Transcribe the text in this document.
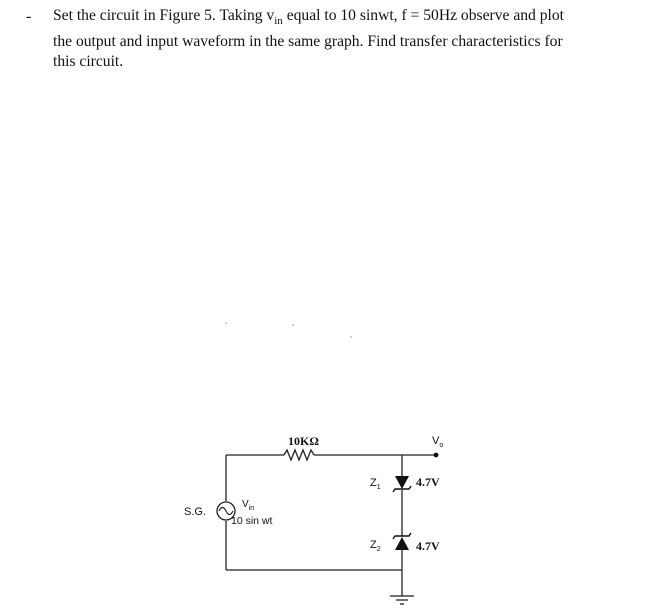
- Set the circuit in Figure 5. Taking $v_{in}$ equal to 10 sinwt, f = 50Hz observe and plot
the output and input waveform in the same graph. Find transfer characteristics for
this circuit.

10KΩ	$V_o$
$Z_1$	4.7V
$Z_2$	4.7V
S.G.
$V_{in}$
10 sin wt
